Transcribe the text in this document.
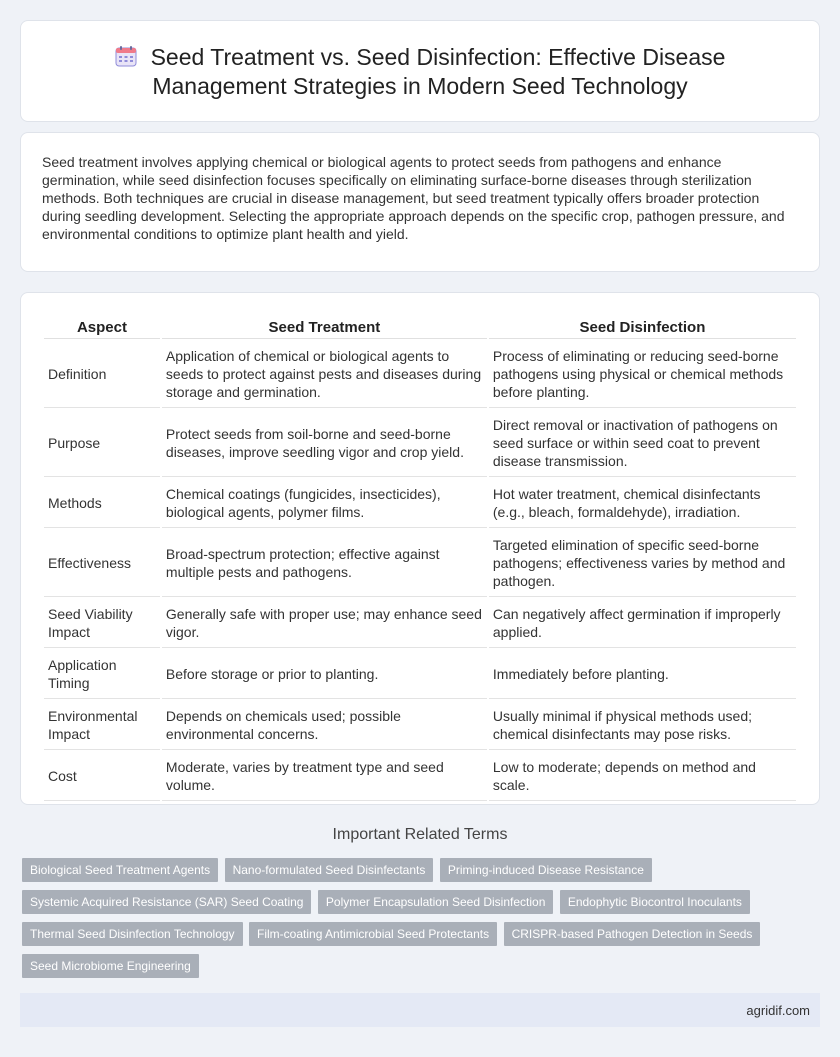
Seed Treatment vs. Seed Disinfection: Effective Disease Management Strategies in Modern Seed Technology

Seed treatment involves applying chemical or biological agents to protect seeds from pathogens and enhance germination, while seed disinfection focuses specifically on eliminating surface-borne diseases through sterilization methods. Both techniques are crucial in disease management, but seed treatment typically offers broader protection during seedling development. Selecting the appropriate approach depends on the specific crop, pathogen pressure, and environmental conditions to optimize plant health and yield.

Aspect	Seed Treatment	Seed Disinfection
Definition	Application of chemical or biological agents to seeds to protect against pests and diseases during storage and germination.	Process of eliminating or reducing seed-borne pathogens using physical or chemical methods before planting.
Purpose	Protect seeds from soil-borne and seed-borne diseases, improve seedling vigor and crop yield.	Direct removal or inactivation of pathogens on seed surface or within seed coat to prevent disease transmission.
Methods	Chemical coatings (fungicides, insecticides), biological agents, polymer films.	Hot water treatment, chemical disinfectants (e.g., bleach, formaldehyde), irradiation.
Effectiveness	Broad-spectrum protection; effective against multiple pests and pathogens.	Targeted elimination of specific seed-borne pathogens; effectiveness varies by method and pathogen.
Seed Viability Impact	Generally safe with proper use; may enhance seed vigor.	Can negatively affect germination if improperly applied.
Application Timing	Before storage or prior to planting.	Immediately before planting.
Environmental Impact	Depends on chemicals used; possible environmental concerns.	Usually minimal if physical methods used; chemical disinfectants may pose risks.
Cost	Moderate, varies by treatment type and seed volume.	Low to moderate; depends on method and scale.
Important Related Terms
Biological Seed Treatment Agents Nano-formulated Seed Disinfectants Priming-induced Disease Resistance Systemic Acquired Resistance (SAR) Seed Coating Polymer Encapsulation Seed Disinfection Endophytic Biocontrol Inoculants Thermal Seed Disinfection Technology Film-coating Antimicrobial Seed Protectants CRISPR-based Pathogen Detection in Seeds Seed Microbiome Engineering
agridif.com
